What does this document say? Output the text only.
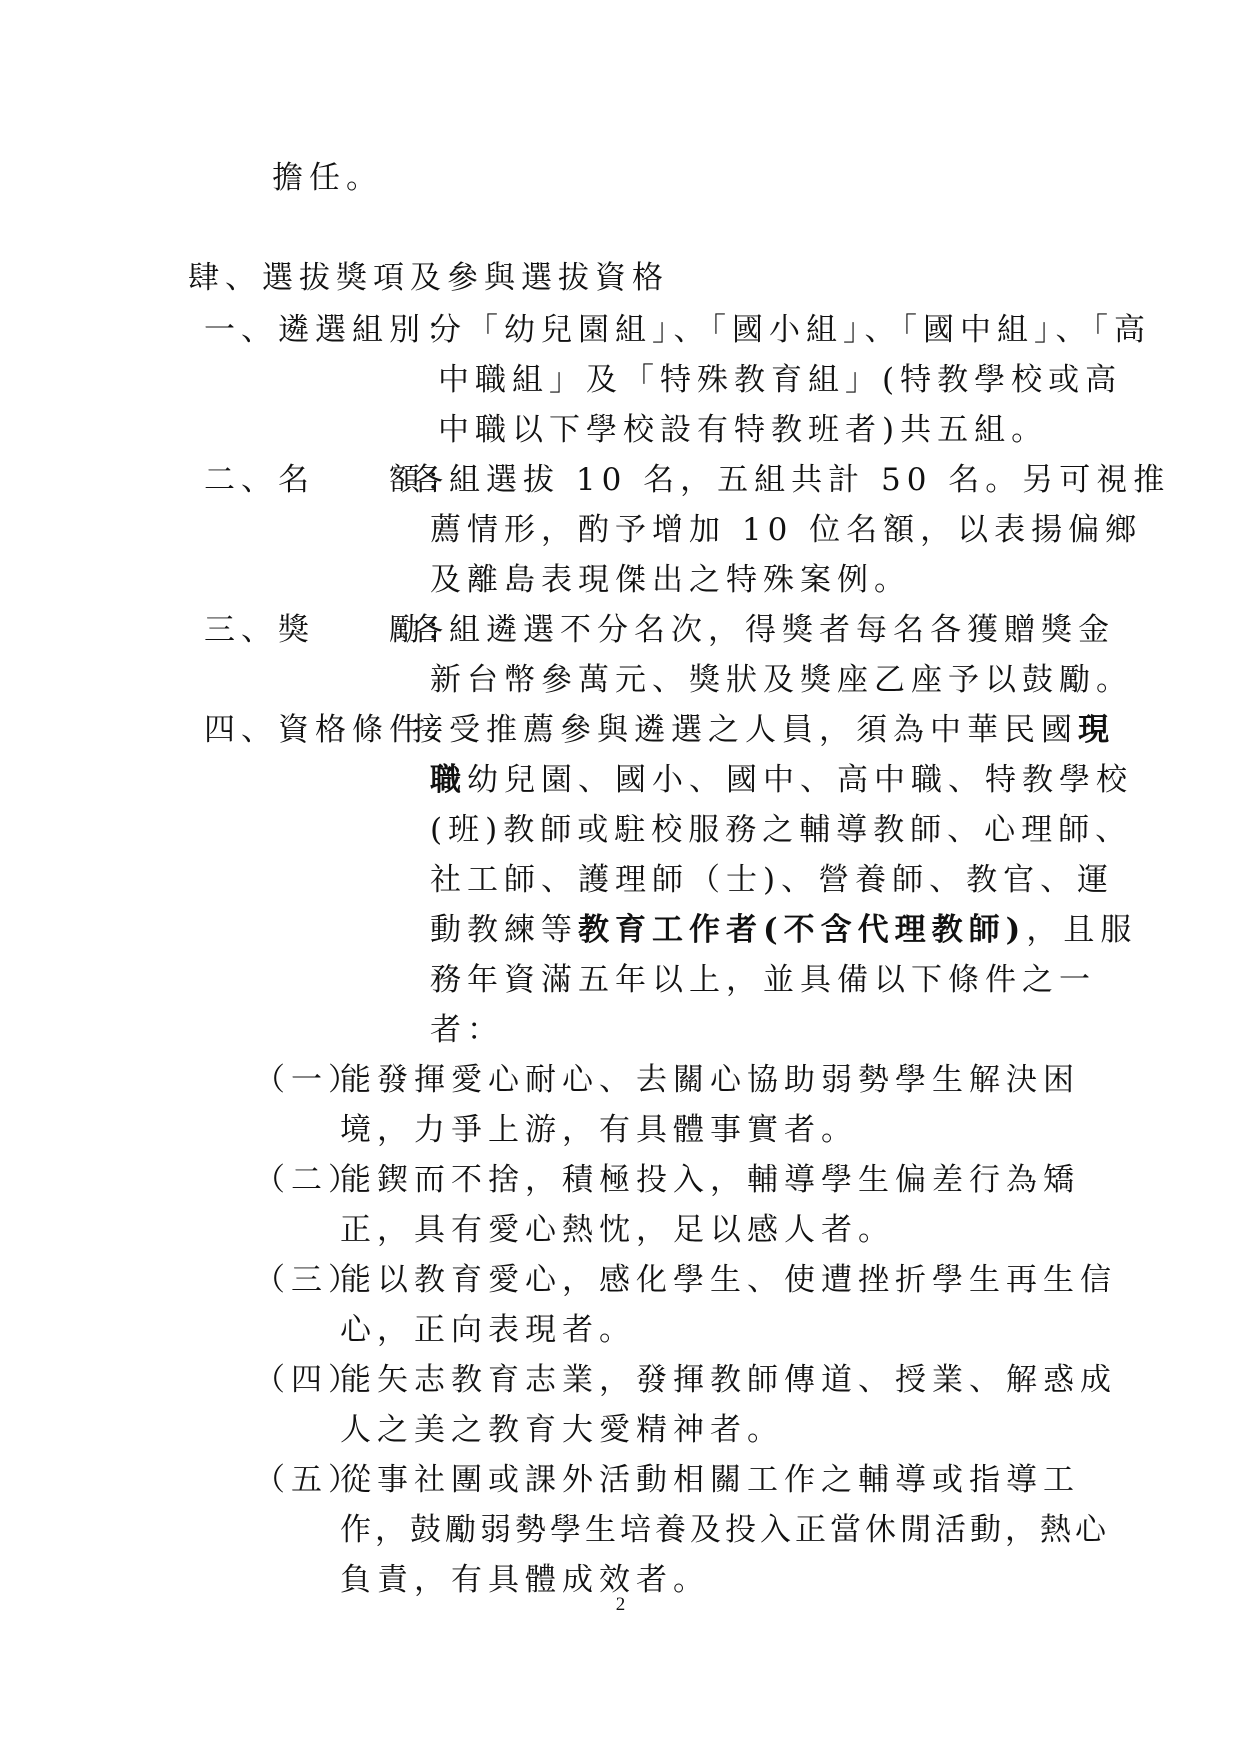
擔任。
肆、選拔獎項及參與選拔資格
一、遴選組別：
分「幼兒園組」、「國小組」、「國中組」、「高
中職組」及「特殊教育組」(特教學校或高
中職以下學校設有特教班者)共五組。
二、名　　額：
各組選拔 10 名，五組共計 50 名。另可視推
薦情形，酌予增加 10 位名額，以表揚偏鄉
及離島表現傑出之特殊案例。
三、獎　　勵：
各組遴選不分名次，得獎者每名各獲贈獎金
新台幣參萬元、獎狀及獎座乙座予以鼓勵。
四、資格條件：
接受推薦參與遴選之人員，須為中華民國現
職幼兒園、國小、國中、高中職、特教學校
(班)教師或駐校服務之輔導教師、心理師、
社工師、護理師（士)、營養師、教官、運
動教練等教育工作者(不含代理教師)，且服
務年資滿五年以上，並具備以下條件之一
者：
（一）
能發揮愛心耐心、去關心協助弱勢學生解決困
境，力爭上游，有具體事實者。
（二）
能鍥而不捨，積極投入，輔導學生偏差行為矯
正，具有愛心熱忱，足以感人者。
（三）
能以教育愛心，感化學生、使遭挫折學生再生信
心，正向表現者。
（四）
能矢志教育志業，發揮教師傳道、授業、解惑成
人之美之教育大愛精神者。
（五）
從事社團或課外活動相關工作之輔導或指導工
作，鼓勵弱勢學生培養及投入正當休閒活動，熱心
負責，有具體成效者。
2
